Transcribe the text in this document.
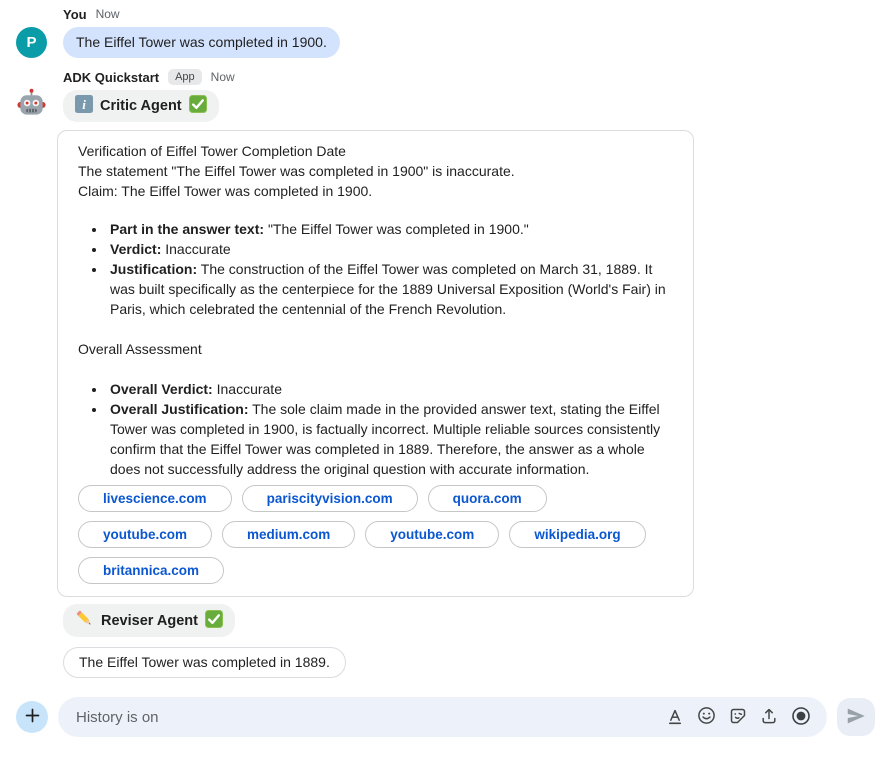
P
You Now
The Eiffel Tower was completed in 1900.
ADK Quickstart	App	Now
i Critic Agent
Verification of Eiffel Tower Completion Date
The statement "The Eiffel Tower was completed in 1900" is inaccurate.
Claim: The Eiffel Tower was completed in 1900.
• Part in the answer text: "The Eiffel Tower was completed in 1900."
• Verdict: Inaccurate
• Justification: The construction of the Eiffel Tower was completed on March 31, 1889. It was built specifically as the centerpiece for the 1889 Universal Exposition (World's Fair) in Paris, which celebrated the centennial of the French Revolution.
Overall Assessment
• Overall Verdict: Inaccurate
• Overall Justification: The sole claim made in the provided answer text, stating the Eiffel Tower was completed in 1900, is factually incorrect. Multiple reliable sources consistently confirm that the Eiffel Tower was completed in 1889. Therefore, the answer as a whole does not successfully address the original question with accurate information.
livescience.com	pariscityvision.com	quora.com
youtube.com	medium.com	youtube.com	wikipedia.org
britannica.com
Reviser Agent
The Eiffel Tower was completed in 1889.
History is on
